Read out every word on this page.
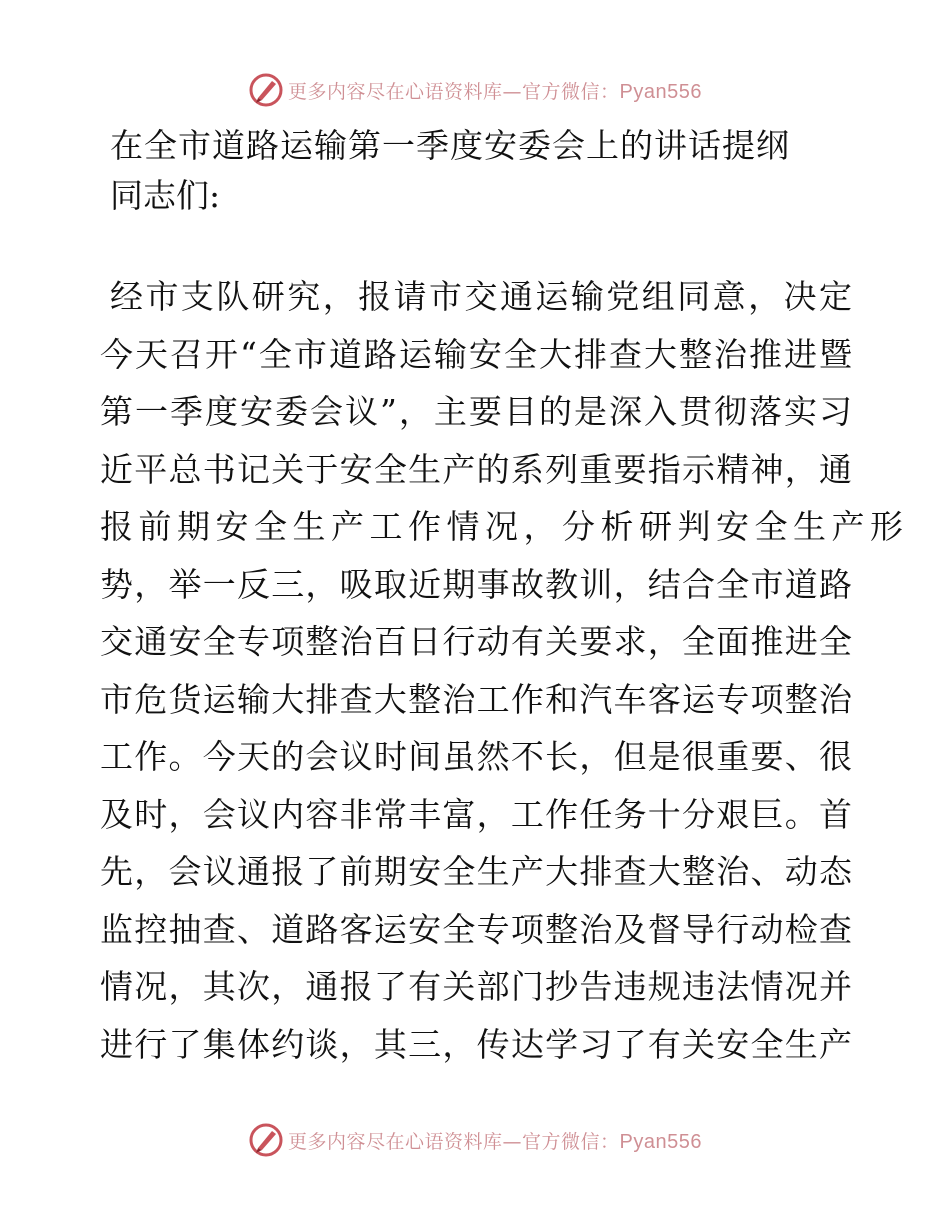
更多内容尽在心语资料库—官方微信：Pyan556
在全市道路运输第一季度安委会上的讲话提纲
同志们:
经市支队研究，报请市交通运输党组同意，决定
今天召开“全市道路运输安全大排查大整治推进暨
第一季度安委会议”，主要目的是深入贯彻落实习
近平总书记关于安全生产的系列重要指示精神，通
报前期安全生产工作情况，分析研判安全生产形
势，举一反三，吸取近期事故教训，结合全市道路
交通安全专项整治百日行动有关要求，全面推进全
市危货运输大排查大整治工作和汽车客运专项整治
工作。今天的会议时间虽然不长，但是很重要、很
及时，会议内容非常丰富，工作任务十分艰巨。首
先，会议通报了前期安全生产大排查大整治、动态
监控抽查、道路客运安全专项整治及督导行动检查
情况，其次，通报了有关部门抄告违规违法情况并
进行了集体约谈，其三，传达学习了有关安全生产
更多内容尽在心语资料库—官方微信：Pyan556
